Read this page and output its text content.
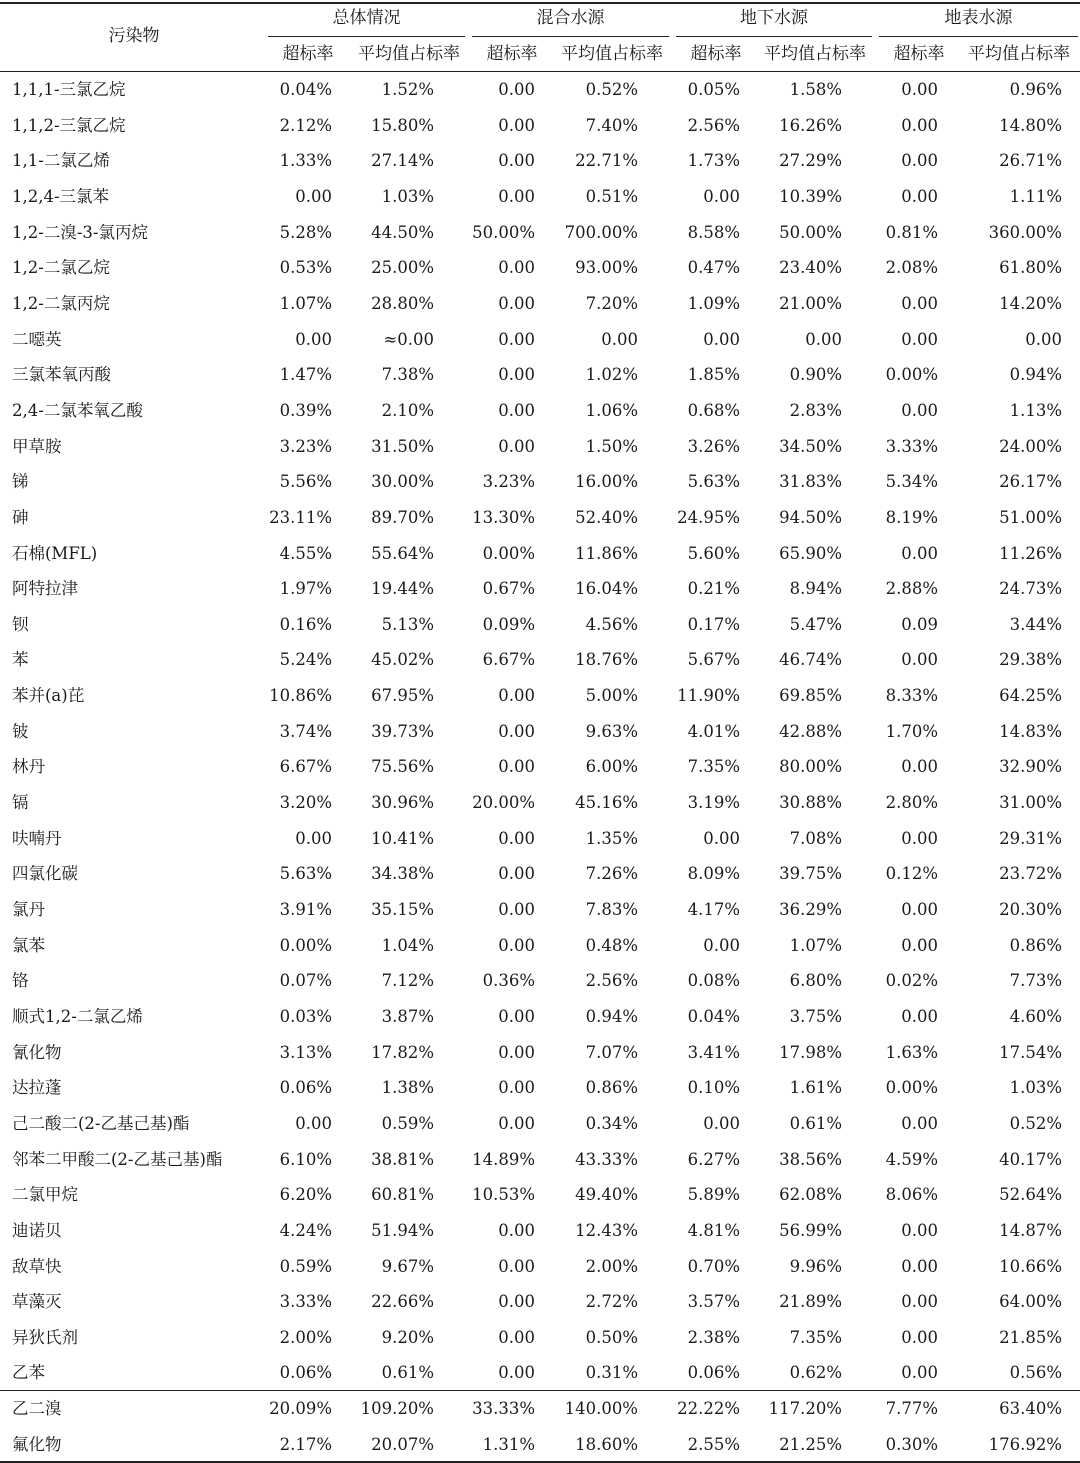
污染物
总体情况	混合水源	地下水源	地表水源
超标率	平均值占标率	超标率	平均值占标率	超标率	平均值占标率	超标率	平均值占标率
1,1,1-三氯乙烷	0.04%	1.52%	0.00	0.52%	0.05%	1.58%	0.00	0.96%
1,1,2-三氯乙烷	2.12%	15.80%	0.00	7.40%	2.56%	16.26%	0.00	14.80%
1,1-二氯乙烯	1.33%	27.14%	0.00	22.71%	1.73%	27.29%	0.00	26.71%
1,2,4-三氯苯	0.00	1.03%	0.00	0.51%	0.00	10.39%	0.00	1.11%
1,2-二溴-3-氯丙烷	5.28%	44.50%	50.00%	700.00%	8.58%	50.00%	0.81%	360.00%
1,2-二氯乙烷	0.53%	25.00%	0.00	93.00%	0.47%	23.40%	2.08%	61.80%
1,2-二氯丙烷	1.07%	28.80%	0.00	7.20%	1.09%	21.00%	0.00	14.20%
二噁英	0.00	≈0.00	0.00	0.00	0.00	0.00	0.00	0.00
三氯苯氧丙酸	1.47%	7.38%	0.00	1.02%	1.85%	0.90%	0.00%	0.94%
2,4-二氯苯氧乙酸	0.39%	2.10%	0.00	1.06%	0.68%	2.83%	0.00	1.13%
甲草胺	3.23%	31.50%	0.00	1.50%	3.26%	34.50%	3.33%	24.00%
锑	5.56%	30.00%	3.23%	16.00%	5.63%	31.83%	5.34%	26.17%
砷	23.11%	89.70%	13.30%	52.40%	24.95%	94.50%	8.19%	51.00%
石棉(MFL)	4.55%	55.64%	0.00%	11.86%	5.60%	65.90%	0.00	11.26%
阿特拉津	1.97%	19.44%	0.67%	16.04%	0.21%	8.94%	2.88%	24.73%
钡	0.16%	5.13%	0.09%	4.56%	0.17%	5.47%	0.09	3.44%
苯	5.24%	45.02%	6.67%	18.76%	5.67%	46.74%	0.00	29.38%
苯并(a)芘	10.86%	67.95%	0.00	5.00%	11.90%	69.85%	8.33%	64.25%
铍	3.74%	39.73%	0.00	9.63%	4.01%	42.88%	1.70%	14.83%
林丹	6.67%	75.56%	0.00	6.00%	7.35%	80.00%	0.00	32.90%
镉	3.20%	30.96%	20.00%	45.16%	3.19%	30.88%	2.80%	31.00%
呋喃丹	0.00	10.41%	0.00	1.35%	0.00	7.08%	0.00	29.31%
四氯化碳	5.63%	34.38%	0.00	7.26%	8.09%	39.75%	0.12%	23.72%
氯丹	3.91%	35.15%	0.00	7.83%	4.17%	36.29%	0.00	20.30%
氯苯	0.00%	1.04%	0.00	0.48%	0.00	1.07%	0.00	0.86%
铬	0.07%	7.12%	0.36%	2.56%	0.08%	6.80%	0.02%	7.73%
顺式1,2-二氯乙烯	0.03%	3.87%	0.00	0.94%	0.04%	3.75%	0.00	4.60%
氰化物	3.13%	17.82%	0.00	7.07%	3.41%	17.98%	1.63%	17.54%
达拉蓬	0.06%	1.38%	0.00	0.86%	0.10%	1.61%	0.00%	1.03%
己二酸二(2-乙基己基)酯	0.00	0.59%	0.00	0.34%	0.00	0.61%	0.00	0.52%
邻苯二甲酸二(2-乙基己基)酯	6.10%	38.81%	14.89%	43.33%	6.27%	38.56%	4.59%	40.17%
二氯甲烷	6.20%	60.81%	10.53%	49.40%	5.89%	62.08%	8.06%	52.64%
迪诺贝	4.24%	51.94%	0.00	12.43%	4.81%	56.99%	0.00	14.87%
敌草快	0.59%	9.67%	0.00	2.00%	0.70%	9.96%	0.00	10.66%
草藻灭	3.33%	22.66%	0.00	2.72%	3.57%	21.89%	0.00	64.00%
异狄氏剂	2.00%	9.20%	0.00	0.50%	2.38%	7.35%	0.00	21.85%
乙苯	0.06%	0.61%	0.00	0.31%	0.06%	0.62%	0.00	0.56%
乙二溴	20.09%	109.20%	33.33%	140.00%	22.22%	117.20%	7.77%	63.40%
氟化物	2.17%	20.07%	1.31%	18.60%	2.55%	21.25%	0.30%	176.92%
